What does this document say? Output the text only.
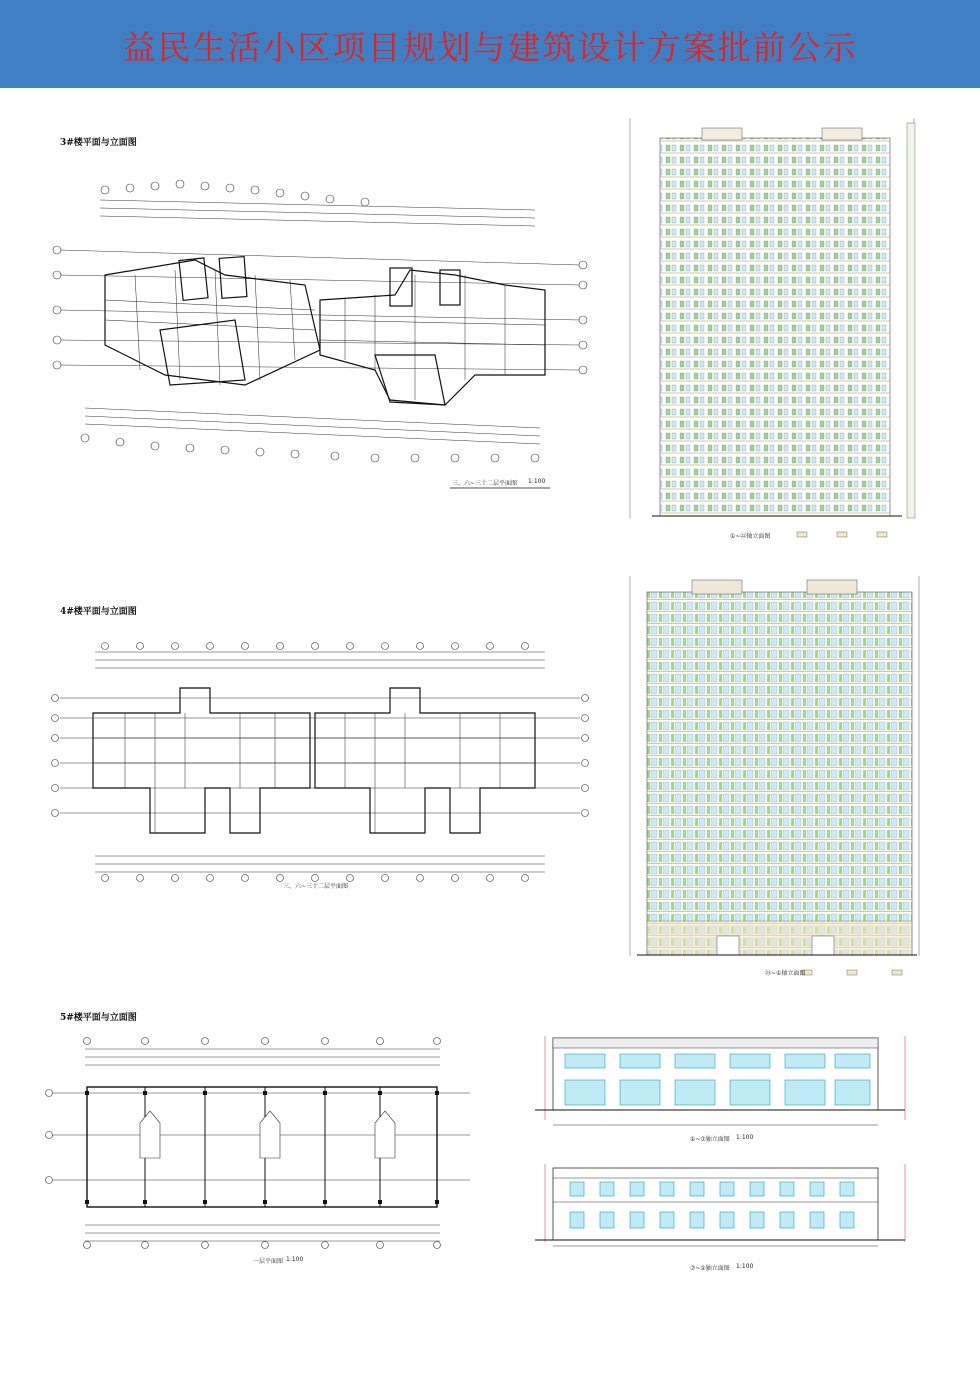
益民生活小区项目规划与建筑设计方案批前公示
3#楼平面与立面图
4#楼平面与立面图
5#楼平面与立面图
三、六~三十二层平面图 1:100
①~㉒轴立面图
三、六~三十二层平面图
㉓~①轴立面图
一层平面图 1:100
①~⑦轴立面图 1:100
⑦~①轴立面图 1:100
